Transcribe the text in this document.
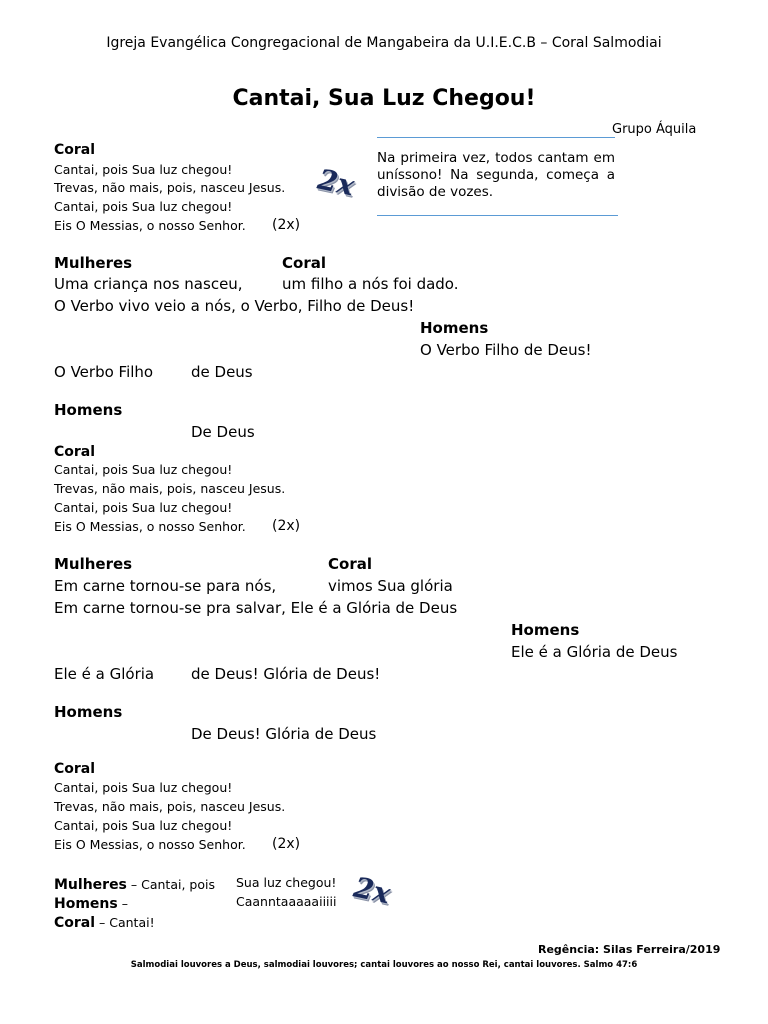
Igreja Evangélica Congregacional de Mangabeira da U.I.E.C.B – Coral Salmodiai
Cantai, Sua Luz Chegou!
Grupo Áquila
Na primeira vez, todos cantam em uníssono! Na segunda, começa a divisão de vozes.
Coral
Cantai, pois Sua luz chegou!
Trevas, não mais, pois, nasceu Jesus.
Cantai, pois Sua luz chegou!
Eis O Messias, o nosso Senhor. (2x)
2x
Mulheres	Coral
Uma criança nos nasceu,	um filho a nós foi dado.
O Verbo vivo veio a nós, o Verbo, Filho de Deus!
Homens
O Verbo Filho de Deus!
O Verbo Filho	de Deus
Homens
De Deus
Coral
Cantai, pois Sua luz chegou!
Trevas, não mais, pois, nasceu Jesus.
Cantai, pois Sua luz chegou!
Eis O Messias, o nosso Senhor. (2x)
Mulheres	Coral
Em carne tornou-se para nós,	vimos Sua glória
Em carne tornou-se pra salvar, Ele é a Glória de Deus
Homens
Ele é a Glória de Deus
Ele é a Glória de Deus! Glória de Deus!
Homens
De Deus! Glória de Deus
Coral
Cantai, pois Sua luz chegou!
Trevas, não mais, pois, nasceu Jesus.
Cantai, pois Sua luz chegou!
Eis O Messias, o nosso Senhor. (2x)
Mulheres – Cantai, pois Sua luz chegou!
Homens –	Caanntaaaaaiiiii
Coral – Cantai!
2x
Regência: Silas Ferreira/2019
Salmodiai louvores a Deus, salmodiai louvores; cantai louvores ao nosso Rei, cantai louvores. Salmo 47:6
